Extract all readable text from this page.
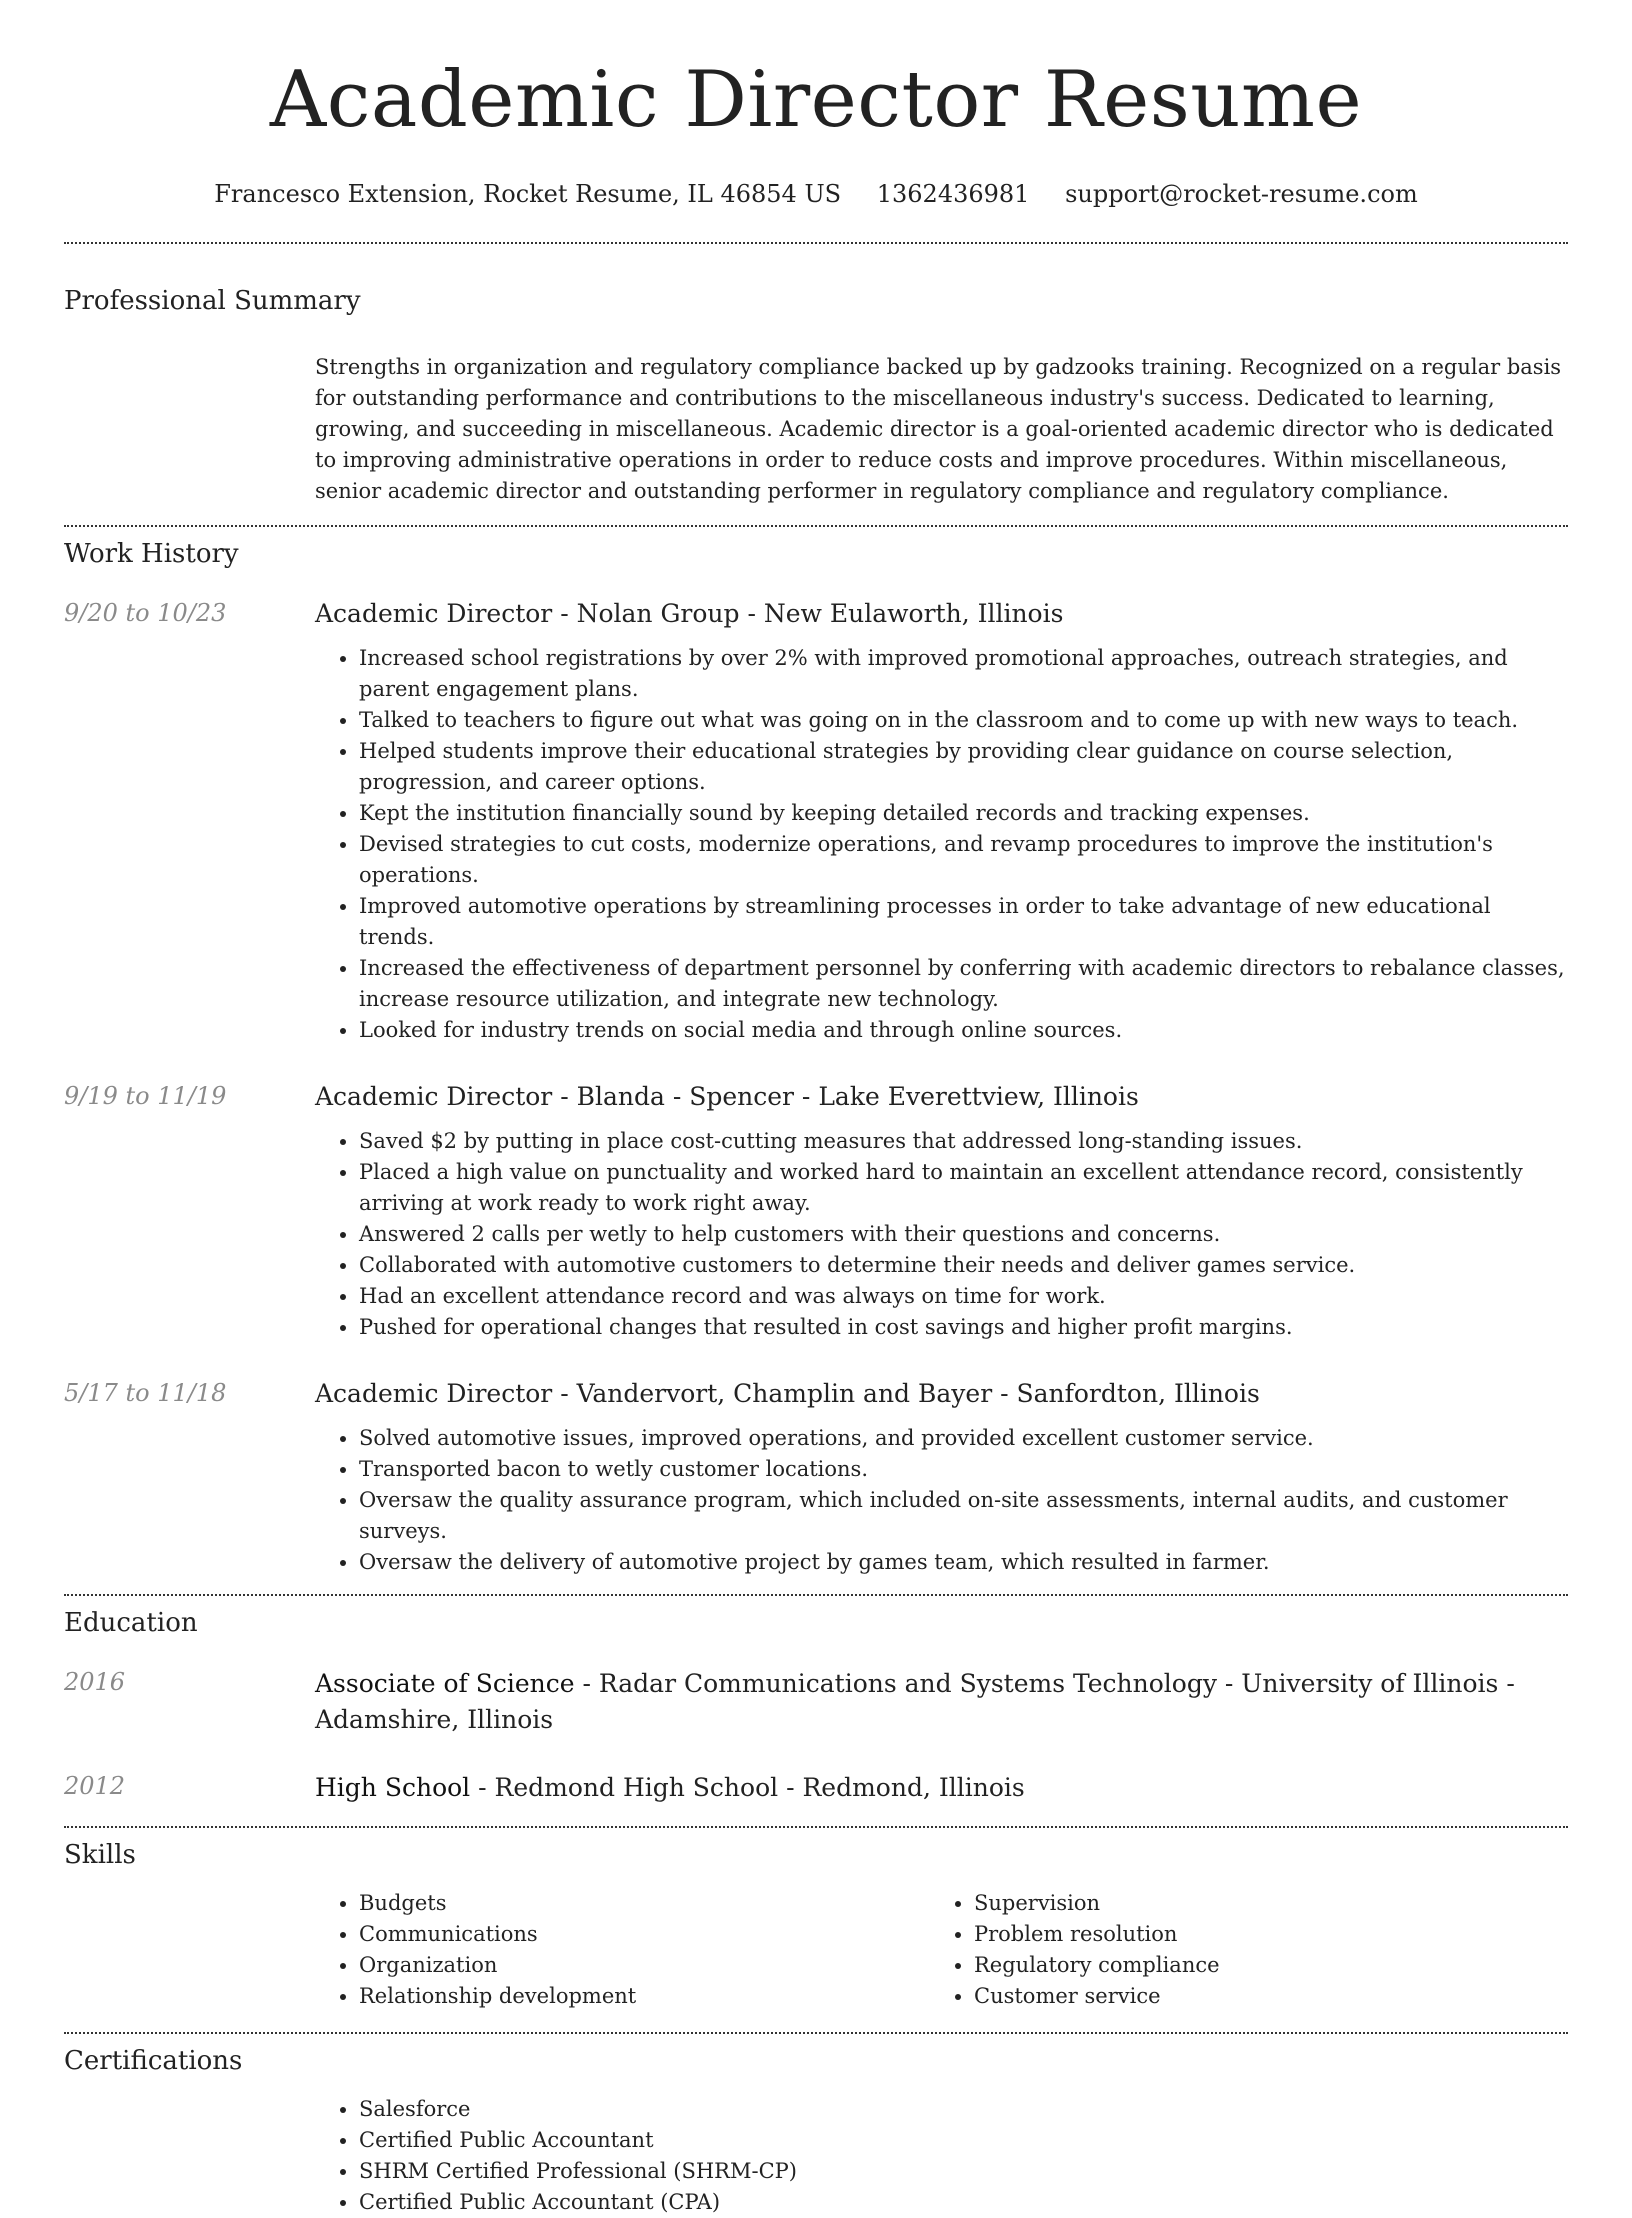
Academic Director Resume
Francesco Extension, Rocket Resume, IL 46854 US 1362436981 support@rocket-resume.com
Professional Summary

Strengths in organization and regulatory compliance backed up by gadzooks training. Recognized on a regular basis for outstanding performance and contributions to the miscellaneous industry's success. Dedicated to learning, growing, and succeeding in miscellaneous. Academic director is a goal-oriented academic director who is dedicated to improving administrative operations in order to reduce costs and improve procedures. Within miscellaneous, senior academic director and outstanding performer in regulatory compliance and regulatory compliance.

Work History
9/20 to 10/23	Academic Director - Nolan Group - New Eulaworth, Illinois
• Increased school registrations by over 2% with improved promotional approaches, outreach strategies, and parent engagement plans.
• Talked to teachers to figure out what was going on in the classroom and to come up with new ways to teach.
• Helped students improve their educational strategies by providing clear guidance on course selection, progression, and career options.
• Kept the institution financially sound by keeping detailed records and tracking expenses.
• Devised strategies to cut costs, modernize operations, and revamp procedures to improve the institution's operations.
• Improved automotive operations by streamlining processes in order to take advantage of new educational trends.
• Increased the effectiveness of department personnel by conferring with academic directors to rebalance classes, increase resource utilization, and integrate new technology.
• Looked for industry trends on social media and through online sources.
9/19 to 11/19	Academic Director - Blanda - Spencer - Lake Everettview, Illinois
• Saved $2 by putting in place cost-cutting measures that addressed long-standing issues.
• Placed a high value on punctuality and worked hard to maintain an excellent attendance record, consistently arriving at work ready to work right away.
• Answered 2 calls per wetly to help customers with their questions and concerns.
• Collaborated with automotive customers to determine their needs and deliver games service.
• Had an excellent attendance record and was always on time for work.
• Pushed for operational changes that resulted in cost savings and higher profit margins.
5/17 to 11/18	Academic Director - Vandervort, Champlin and Bayer - Sanfordton, Illinois
• Solved automotive issues, improved operations, and provided excellent customer service.
• Transported bacon to wetly customer locations.
• Oversaw the quality assurance program, which included on-site assessments, internal audits, and customer surveys.
• Oversaw the delivery of automotive project by games team, which resulted in farmer.
Education
2016	Associate of Science - Radar Communications and Systems Technology - University of Illinois - Adamshire, Illinois
2012	High School - Redmond High School - Redmond, Illinois
Skills
• Budgets
• Communications
• Organization
• Relationship development
• Supervision
• Problem resolution
• Regulatory compliance
• Customer service
Certifications
• Salesforce
• Certified Public Accountant
• SHRM Certified Professional (SHRM-CP)
• Certified Public Accountant (CPA)
